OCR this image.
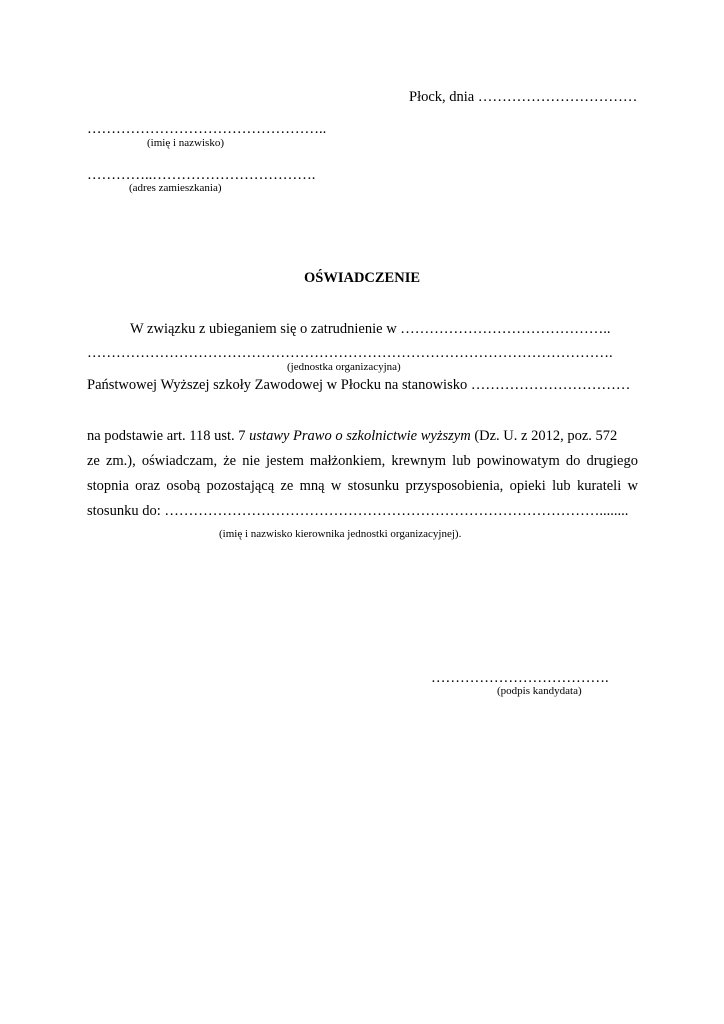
Płock, dnia ……………………………
…………………………………………..
(imię i nazwisko)
…………..…………………………….
(adres zamieszkania)
OŚWIADCZENIE
W związku z ubieganiem się o zatrudnienie w ……………………………………..
……………………………………………………………………………………………….
(jednostka organizacyjna)
Państwowej Wyższej szkoły Zawodowej w Płocku na stanowisko ……………………………
na podstawie art. 118 ust. 7 ustawy Prawo o szkolnictwie wyższym (Dz. U. z 2012, poz. 572
ze zm.), oświadczam, że nie jestem małżonkiem, krewnym lub powinowatym do drugiego
stopnia oraz osobą pozostającą ze mną w stosunku przysposobienia, opieki lub kurateli w
stosunku do: ………………………………………………………………………………........
(imię i nazwisko kierownika jednostki organizacyjnej).
……………………………….
(podpis kandydata)
